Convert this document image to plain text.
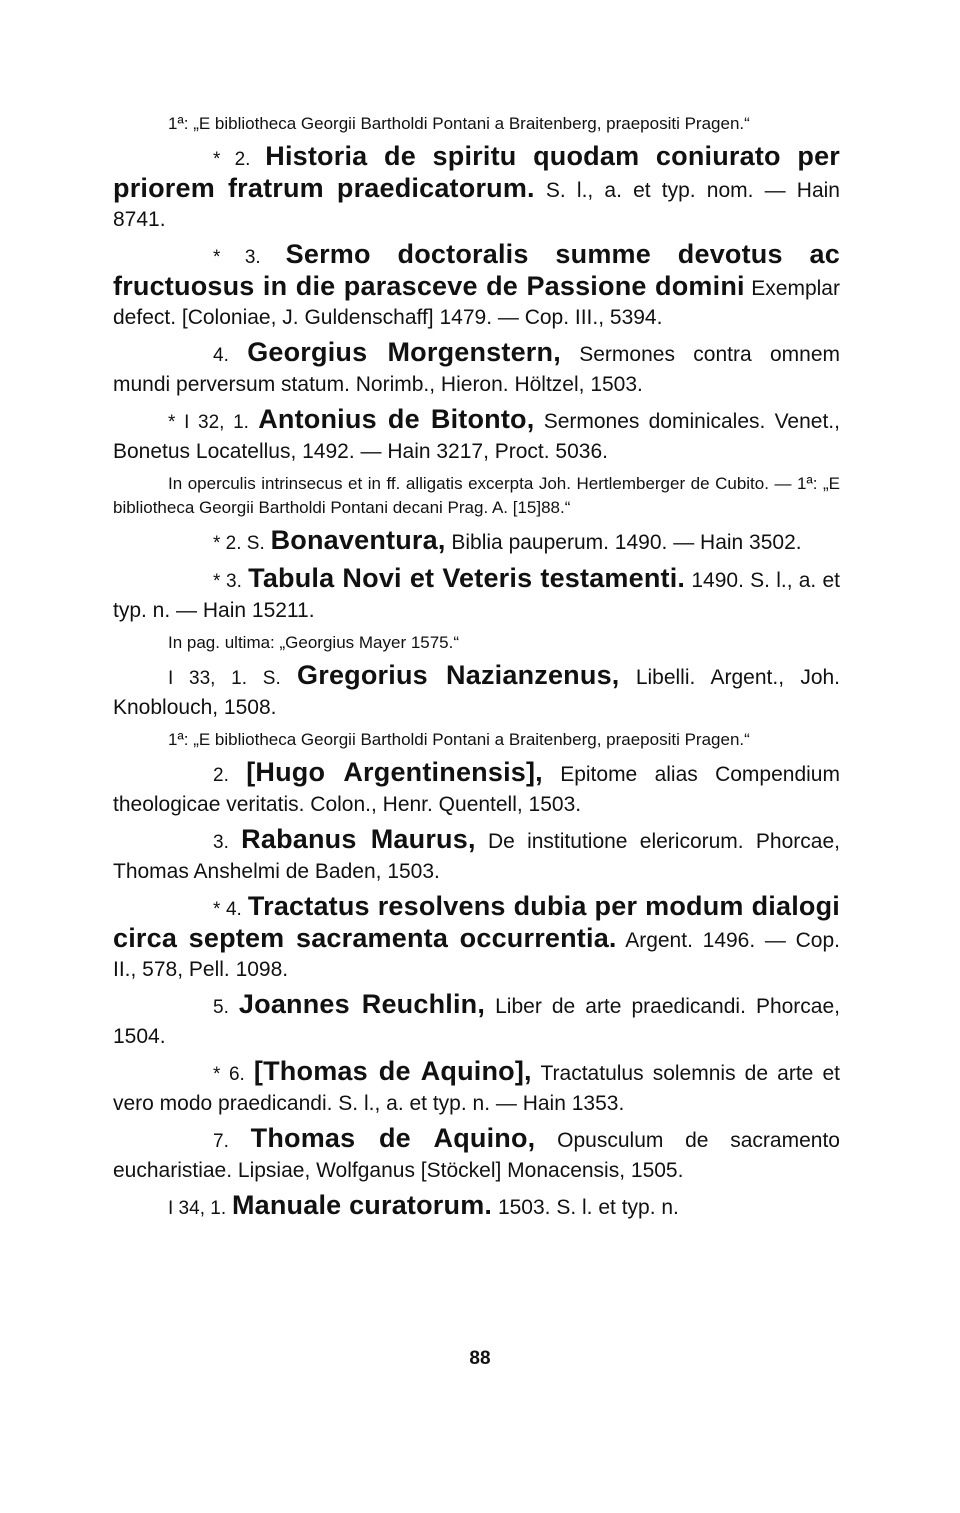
1ª: „E bibliotheca Georgii Bartholdi Pontani a Braitenberg, praepositi Pragen.“

* 2. Historia de spiritu quodam coniurato per priorem fratrum praedicatorum. S. l., a. et typ. nom. — Hain 8741.

* 3. Sermo doctoralis summe devotus ac fructuosus in die parasceve de Passione domini Exemplar defect. [Coloniae, J. Guldenschaff] 1479. — Cop. III., 5394.

4. Georgius Morgenstern, Sermones contra omnem mundi perversum statum. Norimb., Hieron. Höltzel, 1503.

* I 32, 1. Antonius de Bitonto, Sermones dominicales. Venet., Bonetus Locatellus, 1492. — Hain 3217, Proct. 5036.

In operculis intrinsecus et in ff. alligatis excerpta Joh. Hertlemberger de Cubito. — 1ª: „E bibliotheca Georgii Bartholdi Pontani decani Prag. A. [15]88.“

* 2. S. Bonaventura, Biblia pauperum. 1490. — Hain 3502.

* 3. Tabula Novi et Veteris testamenti. 1490. S. l., a. et typ. n. — Hain 15211.

In pag. ultima: „Georgius Mayer 1575.“

I 33, 1. S. Gregorius Nazianzenus, Libelli. Argent., Joh. Knoblouch, 1508.

1ª: „E bibliotheca Georgii Bartholdi Pontani a Braitenberg, praepositi Pragen.“

2. [Hugo Argentinensis], Epitome alias Compendium theologicae veritatis. Colon., Henr. Quentell, 1503.

3. Rabanus Maurus, De institutione elericorum. Phorcae, Thomas Anshelmi de Baden, 1503.

* 4. Tractatus resolvens dubia per modum dialogi circa septem sacramenta occurrentia. Argent. 1496. — Cop. II., 578, Pell. 1098.

5. Joannes Reuchlin, Liber de arte praedicandi. Phorcae, 1504.

* 6. [Thomas de Aquino], Tractatulus solemnis de arte et vero modo praedicandi. S. l., a. et typ. n. — Hain 1353.

7. Thomas de Aquino, Opusculum de sacramento eucharistiae. Lipsiae, Wolfganus [Stöckel] Monacensis, 1505.

I 34, 1. Manuale curatorum. 1503. S. l. et typ. n.

88
